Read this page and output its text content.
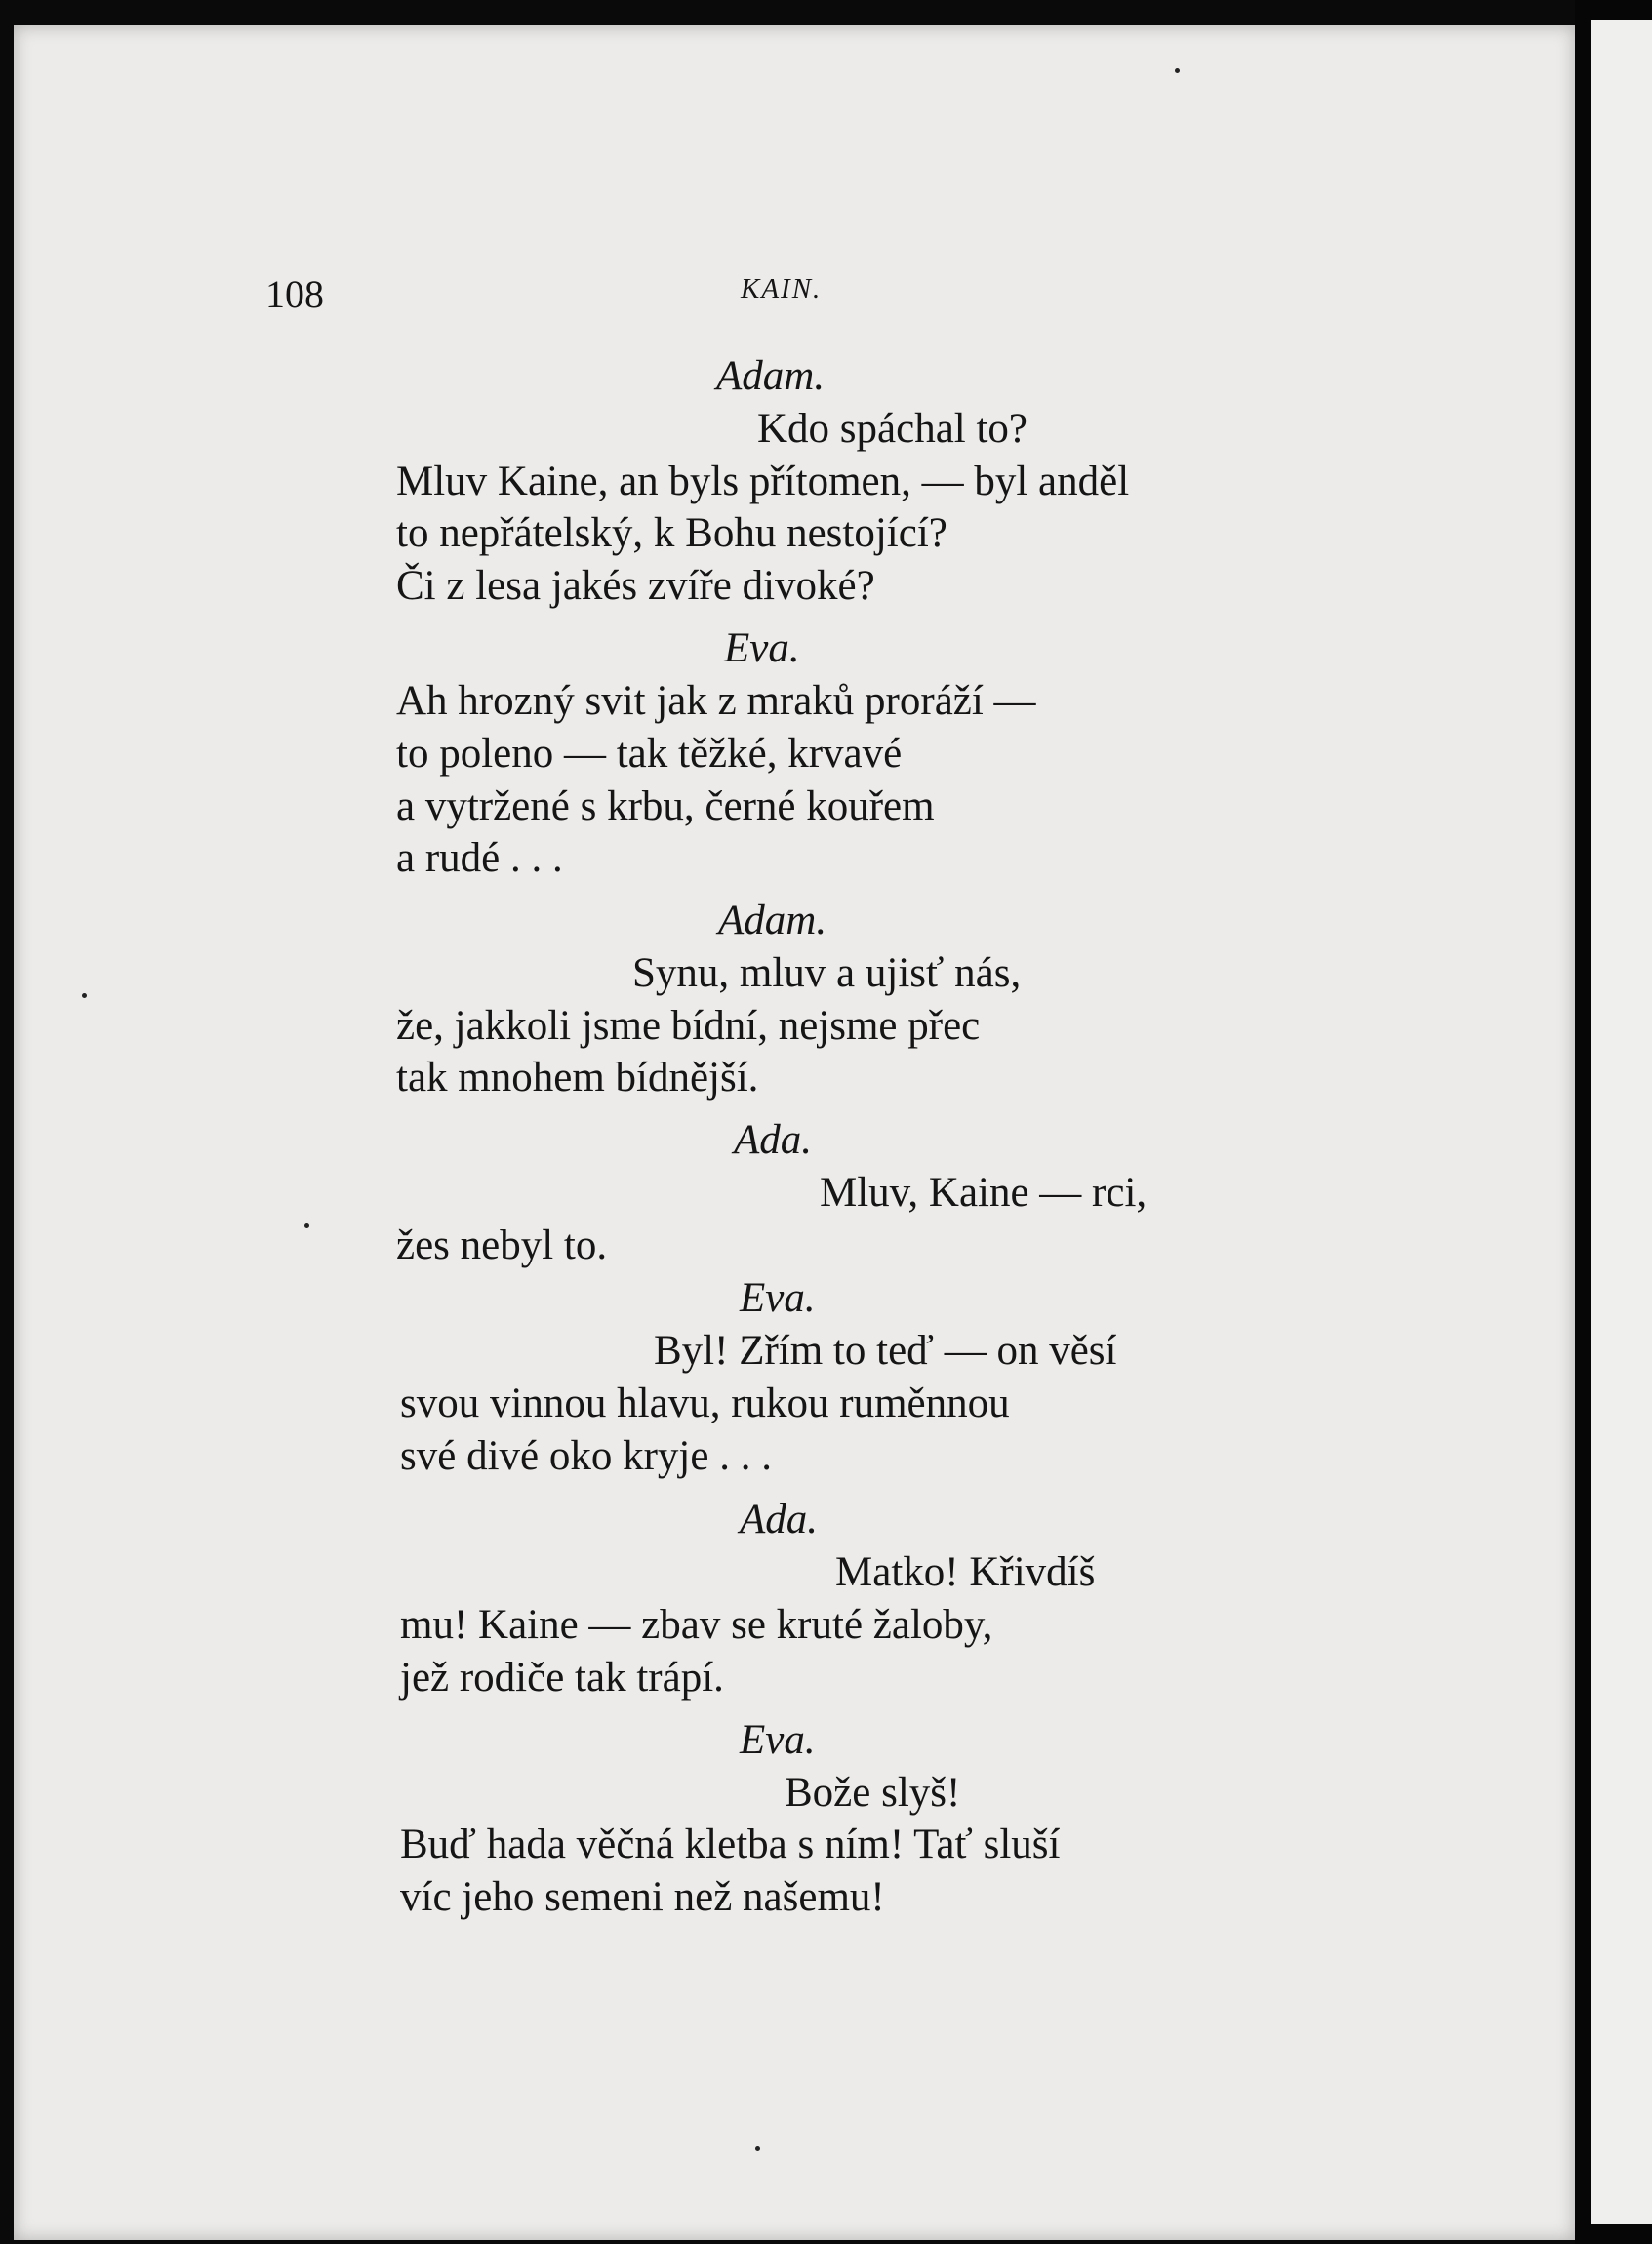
108	KAIN.
Adam.
Kdo spáchal to?
Mluv Kaine, an byls přítomen, — byl anděl
to nepřátelský, k Bohu nestojící?
Či z lesa jakés zvíře divoké?
Eva.
Ah hrozný svit jak z mraků proráží —
to poleno — tak těžké, krvavé
a vytržené s krbu, černé kouřem
a rudé . . .
Adam.
Synu, mluv a ujisť nás,
že, jakkoli jsme bídní, nejsme přec
tak mnohem bídnější.
Ada.
Mluv, Kaine — rci,
žes nebyl to.
Eva.
Byl! Zřím to teď — on věsí
svou vinnou hlavu, rukou ruměnnou
své divé oko kryje . . .
Ada.
Matko! Křivdíš
mu! Kaine — zbav se kruté žaloby,
jež rodiče tak trápí.
Eva.
Bože slyš!
Buď hada věčná kletba s ním! Tať sluší
víc jeho semeni než našemu!
